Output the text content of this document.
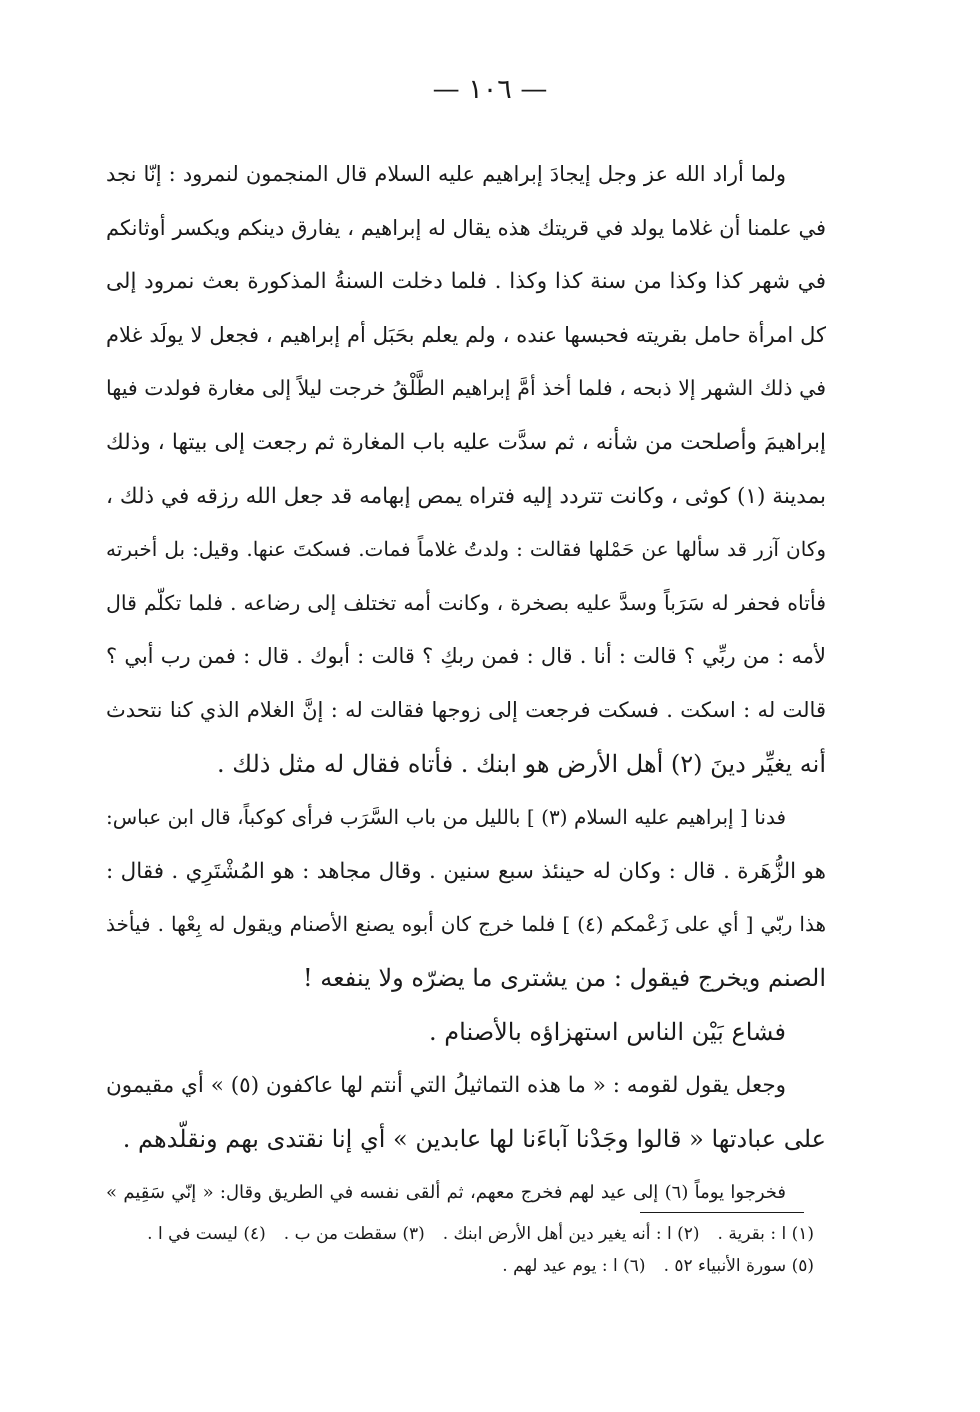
— ١٠٦ —
ولما أراد الله عز وجل إيجادَ إبراهيم عليه السلام قال المنجمون لنمرود : إنّا نجد
في علمنا أن غلاما يولد في قريتك هذه يقال له إبراهيم ، يفارق دينكم ويكسر أوثانكم
في شهر كذا وكذا من سنة كذا وكذا . فلما دخلت السنةُ المذكورة بعث نمرود إلى
كل امرأة حامل بقريته فحبسها عنده ، ولم يعلم بحَبَل أم إبراهيم ، فجعل لا يولَد غلام
في ذلك الشهر إلا ذبحه ، فلما أخذ أمَّ إبراهيم الطَّلْقُ خرجت ليلاً إلى مغارة فولدت فيها
إبراهيمَ وأصلحت من شأنه ، ثم سدَّت عليه باب المغارة ثم رجعت إلى بيتها ، وذلك
بمدينة (١) كوثى ، وكانت تتردد إليه فتراه يمص إبهامه قد جعل الله رزقه في ذلك ،
وكان آزر قد سألها عن حَمْلها فقالت : ولدتُ غلاماً فمات. فسكتَ عنها. وقيل: بل أخبرته
فأتاه فحفر له سَرَباً وسدَّ عليه بصخرة ، وكانت أمه تختلف إلى رضاعه . فلما تكلّم قال
لأمه : من ربِّي ؟ قالت : أنا . قال : فمن ربكِ ؟ قالت : أبوك . قال : فمن رب أبي ؟
قالت له : اسكت . فسكت فرجعت إلى زوجها فقالت له : إنَّ الغلام الذي كنا نتحدث
أنه يغيِّر دينَ (٢) أهل الأرض هو ابنك . فأتاه فقال له مثل ذلك .
فدنا [ إبراهيم عليه السلام (٣) ] بالليل من باب السَّرَب فرأى كوكباً، قال ابن عباس:
هو الزُّهَرة . قال : وكان له حينئذ سبع سنين . وقال مجاهد : هو المُشْتَرِي . فقال :
هذا ربّي [ أي على زَعْمكم (٤) ] فلما خرج كان أبوه يصنع الأصنام ويقول له بِعْها . فيأخذ
الصنم ويخرج فيقول : من يشترى ما يضرّه ولا ينفعه !
فشاع بَيْن الناس استهزاؤه بالأصنام .
وجعل يقول لقومه : « ما هذه التماثيلُ التي أنتم لها عاكفون (٥) » أي مقيمون
على عبادتها « قالوا وجَدْنا آباءَنا لها عابدين » أي إنا نقتدى بهم ونقلّدهم .
فخرجوا يوماً (٦) إلى عيد لهم فخرج معهم، ثم ألقى نفسه في الطريق وقال: « إنّي سَقِيم »
(١) ا : بقرية .(٢) ا : أنه يغير دين أهل الأرض ابنك .(٣) سقطت من ب .(٤) ليست في ا .
(٥) سورة الأنبياء ٥٢ .(٦) ا : يوم عيد لهم .
